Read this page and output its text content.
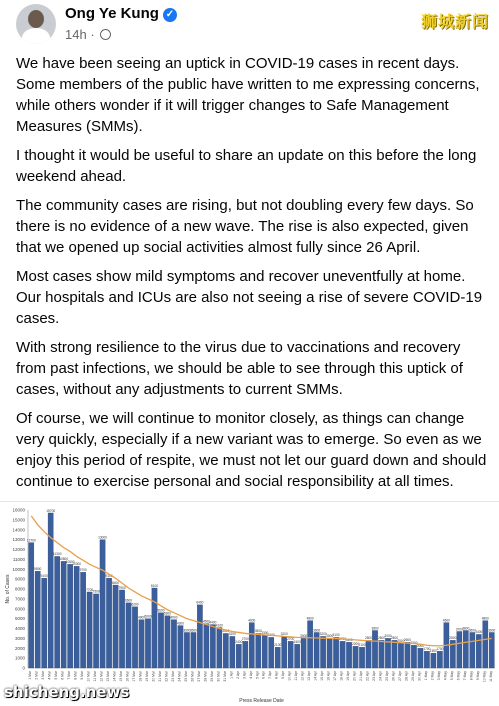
Ong Ye Kung ✓
14h ·
狮城新闻

We have been seeing an uptick in COVID-19 cases in recent days. Some members of the public have written to me expressing concerns, while others wonder if it will trigger changes to Safe Management Measures (SMMs).

I thought it would be useful to share an update on this before the long weekend ahead.

The community cases are rising, but not doubling every few days. So there is no evidence of a new wave. The rise is also expected, given that we opened up social activities almost fully since 26 April.

Most cases show mild symptoms and recover uneventfully at home. Our hospitals and ICUs are also not seeing a rise of severe COVID-19 cases.

With strong resilience to the virus due to vaccinations and recovery from past infections, we should be able to see through this uptick of cases, without any adjustments to current SMMs.

Of course, we will continue to monitor closely, as things can change very quickly, especially if a new variant was to emerge. So even as we enjoy this period of respite, we must not let our guard down and should continue to exercise personal and social responsibility at all times.

0
1000
2000
3000
4000
5000
6000
7000
8000
9000
10000
11000
12000
13000
14000
15000
16000
12700
1 Mar
9800
2 Mar
9100
3 Mar
15700
4 Mar
11300
5 Mar
10800
6 Mar
10500
7 Mar
10300
8 Mar
9700
9 Mar
7700
10 Mar
7500
11 Mar
13000
12 Mar
9100
13 Mar
8400
14 Mar
7900
15 Mar
6600
16 Mar
6200
17 Mar
4900
18 Mar
5000
19 Mar
8100
20 Mar
5600
21 Mar
5300
22 Mar
4900
23 Mar
4300
24 Mar
3600
25 Mar
3600
26 Mar
6400
27 Mar
4500
28 Mar
4400
29 Mar
4100
30 Mar
3500
31 Mar
3200
1 Apr
2400
2 Apr
2700
3 Apr
4600
4 Apr
3500
5 Apr
3300
6 Apr
3100
7 Apr
2100
8 Apr
3200
9 Apr
2700
10 Apr
2400
11 Apr
3000
12 Apr
4800
13 Apr
3600
14 Apr
3200
15 Apr
3000
16 Apr
3100
17 Apr
2700
18 Apr
2600
19 Apr
2200
20 Apr
2100
21 Apr
2800
22 Apr
3800
23 Apr
2800
24 Apr
3000
25 Apr
2800
26 Apr
2500
27 Apr
2600
28 Apr
2300
29 Apr
2000
30 Apr
1700
1 May
1500
2 May
1700
3 May
4600
4 May
2800
5 May
3700
6 May
3800
7 May
3600
8 May
3400
9 May
4800
10 May
3600
11 May
No. of Cases
Press Release Date
shicheng.news
